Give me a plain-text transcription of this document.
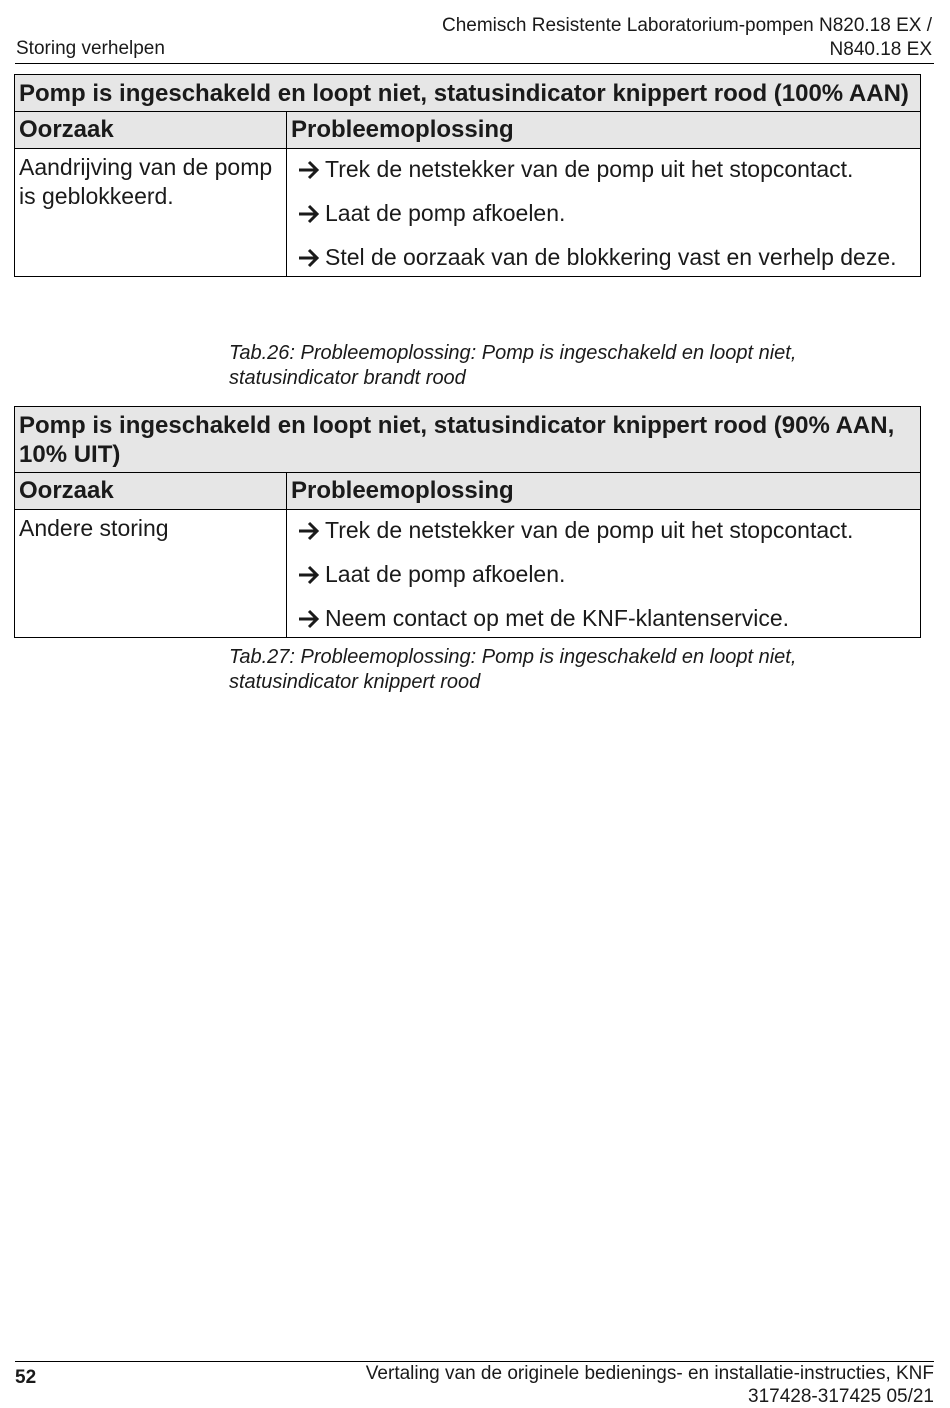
Storing verhelpen
Chemisch Resistente Laboratorium-pompen N820.18 EX /
N840.18 EX
Pomp is ingeschakeld en loopt niet, statusindicator knippert rood (100% AAN)	
Oorzaak	Probleemoplossing
Aandrijving van de pomp is geblokkeerd.	Trek de netstekker van de pomp uit het stopcontact.
Laat de pomp afkoelen.
Stel de oorzaak van de blokkering vast en verhelp deze.
Tab.26: Probleemoplossing: Pomp is ingeschakeld en loopt niet, statusindicator brandt rood
Pomp is ingeschakeld en loopt niet, statusindicator knippert rood (90% AAN, 10% UIT)	
Oorzaak	Probleemoplossing
Andere storing	Trek de netstekker van de pomp uit het stopcontact.
Laat de pomp afkoelen.
Neem contact op met de KNF-klantenservice.
Tab.27: Probleemoplossing: Pomp is ingeschakeld en loopt niet, statusindicator knippert rood
52	Vertaling van de originele bedienings- en installatie-instructies, KNF
317428-317425 05/21
